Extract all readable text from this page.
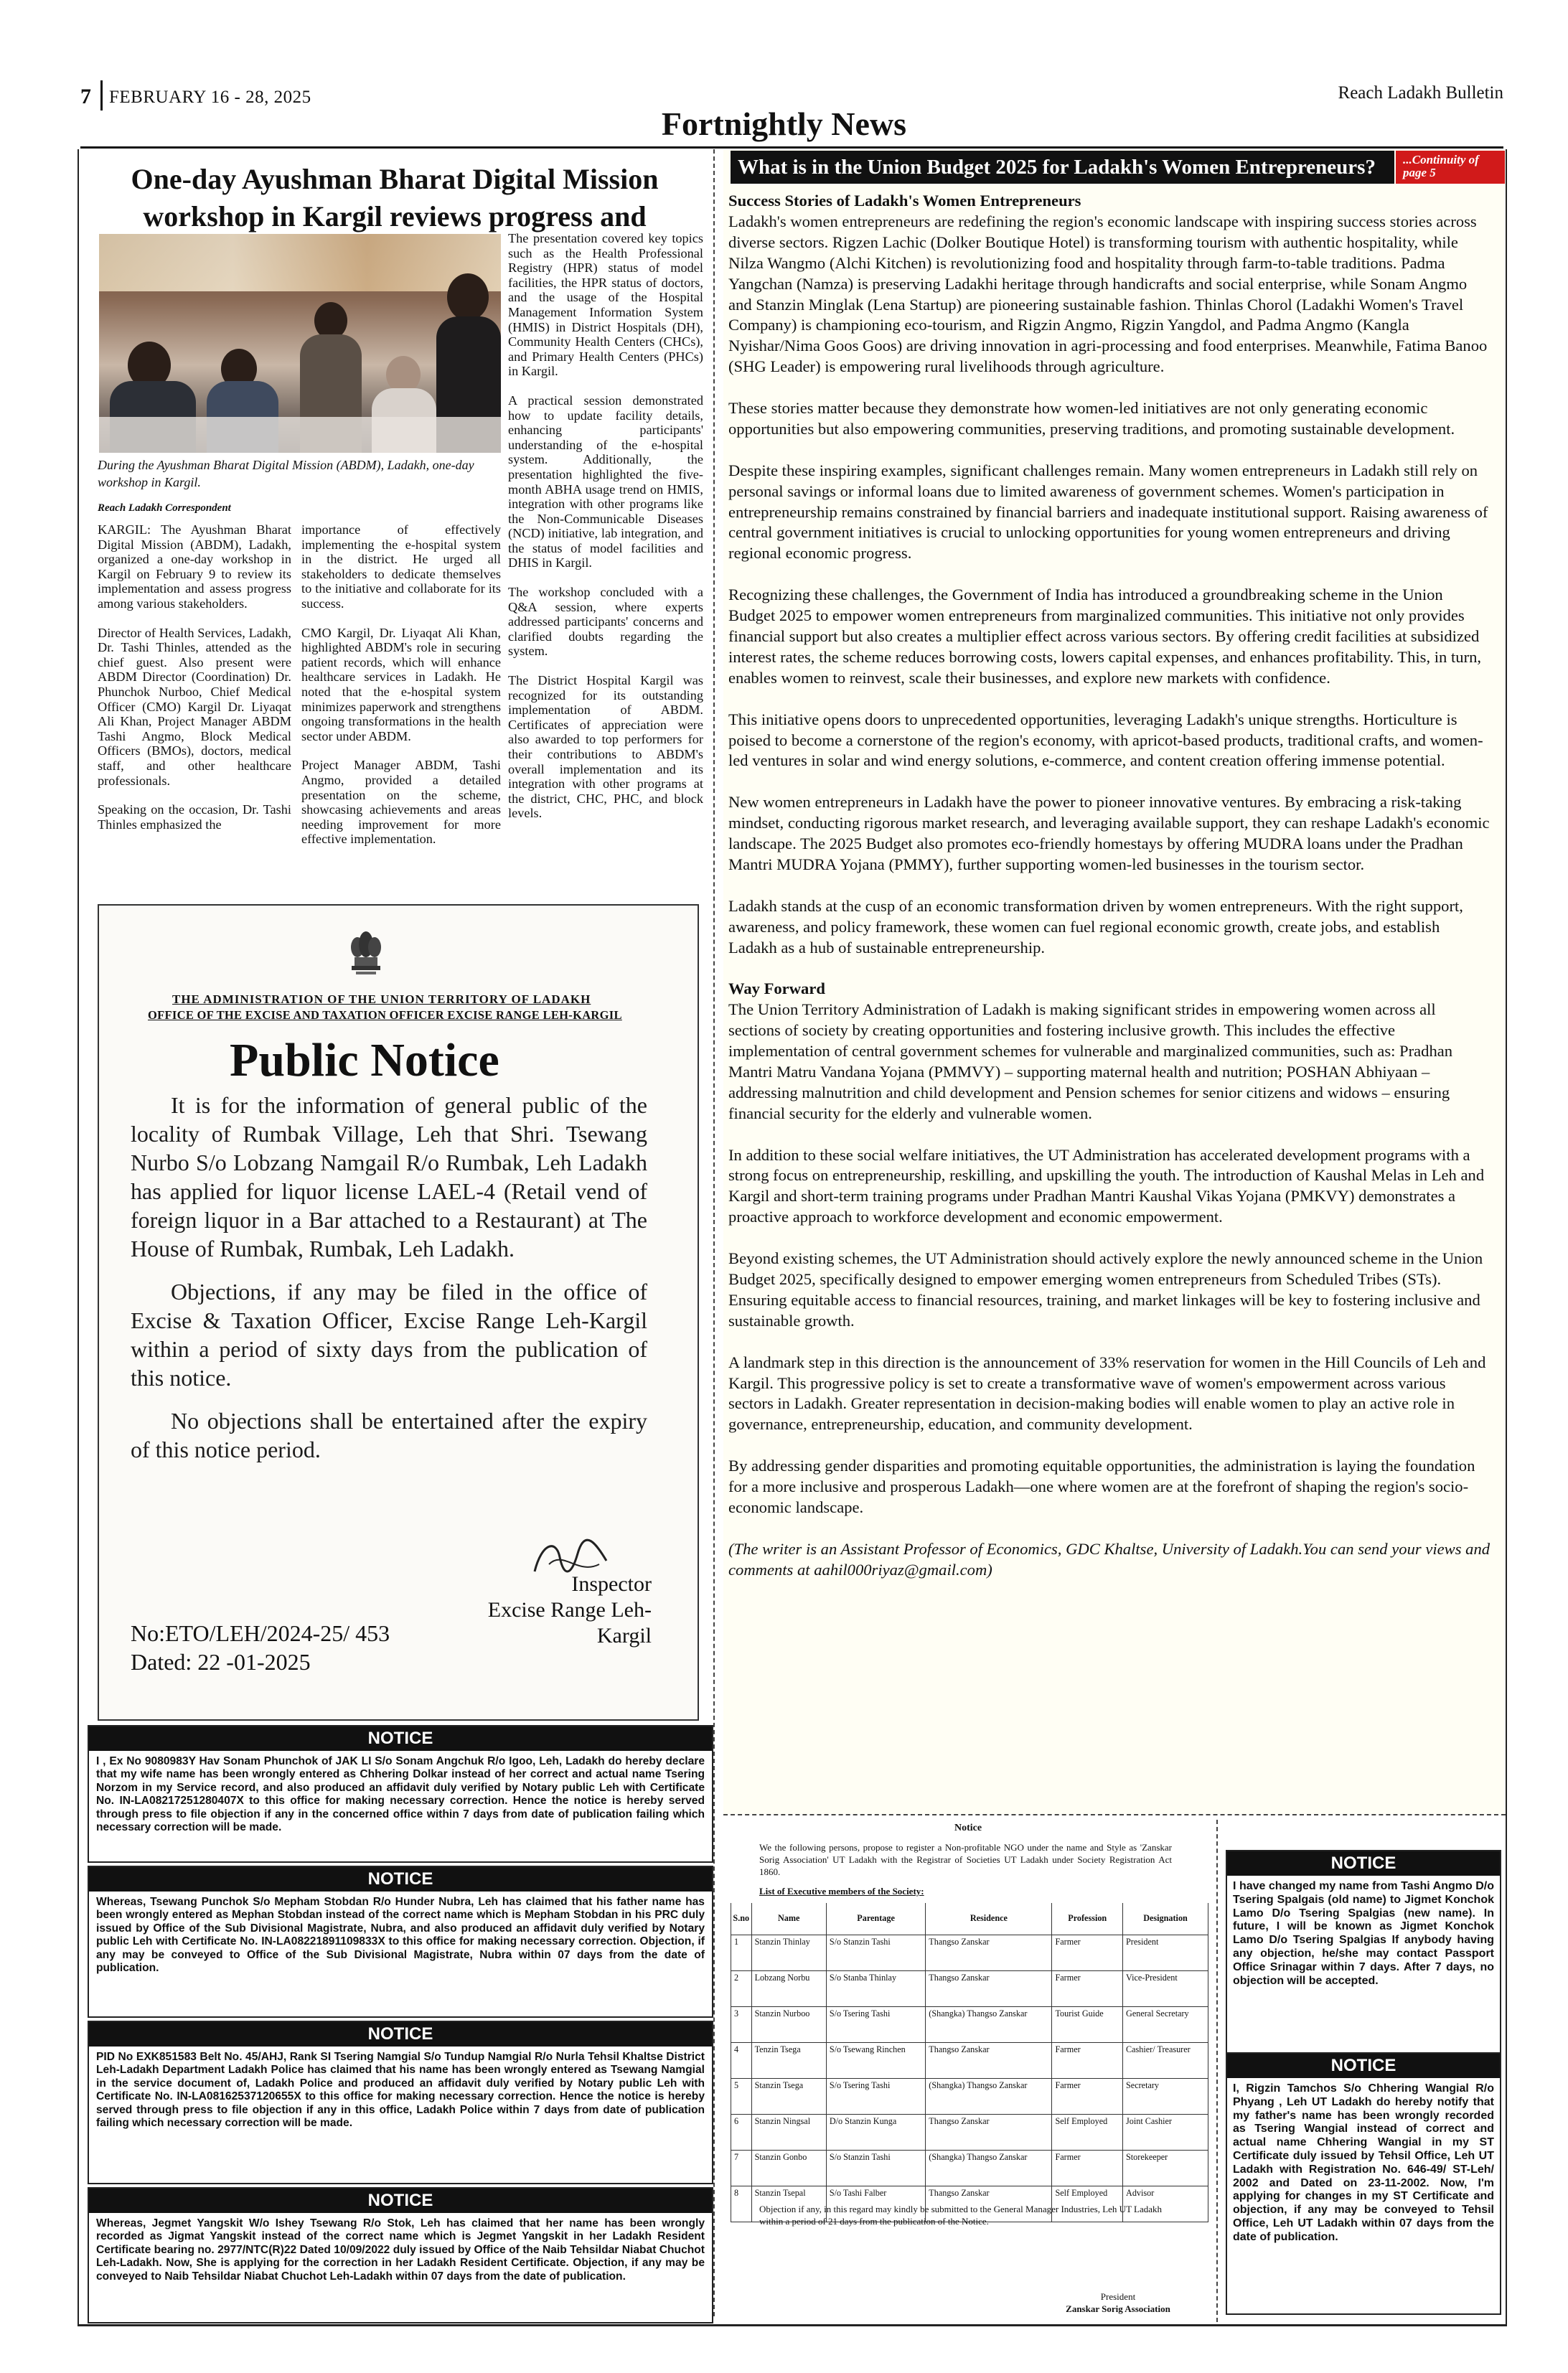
7 FEBRUARY 16 - 28, 2025	Reach Ladakh Bulletin
Fortnightly News
One-day Ayushman Bharat Digital Mission workshop in Kargil reviews progress and
During the Ayushman Bharat Digital Mission (ABDM), Ladakh, one-day workshop in Kargil.
Reach Ladakh Correspondent

KARGIL: The Ayushman Bharat Digital Mission (ABDM), Ladakh, organized a one-day workshop in Kargil on February 9 to review its implementation and assess progress among various stakeholders.

Director of Health Services, Ladakh, Dr. Tashi Thinles, attended as the chief guest. Also present were ABDM Director (Coordination) Dr. Phunchok Nurboo, Chief Medical Officer (CMO) Kargil Dr. Liyaqat Ali Khan, Project Manager ABDM Tashi Angmo, Block Medical Officers (BMOs), doctors, medical staff, and other healthcare professionals.

Speaking on the occasion, Dr. Tashi Thinles emphasized the

importance of effectively implementing the e-hospital system in the district. He urged all stakeholders to dedicate themselves to the initiative and collaborate for its success.

CMO Kargil, Dr. Liyaqat Ali Khan, highlighted ABDM's role in securing patient records, which will enhance healthcare services in Ladakh. He noted that the e-hospital system minimizes paperwork and strengthens ongoing transformations in the health sector under ABDM.

Project Manager ABDM, Tashi Angmo, provided a detailed presentation on the scheme, showcasing achievements and areas needing improvement for more effective implementation.

The presentation covered key topics such as the Health Professional Registry (HPR) status of model facilities, the HPR status of doctors, and the usage of the Hospital Management Information System (HMIS) in District Hospitals (DH), Community Health Centers (CHCs), and Primary Health Centers (PHCs) in Kargil.

A practical session demonstrated how to update facility details, enhancing participants' understanding of the e-hospital system. Additionally, the presentation highlighted the five-month ABHA usage trend on HMIS, integration with other programs like the Non-Communicable Diseases (NCD) initiative, lab integration, and the status of model facilities and DHIS in Kargil.

The workshop concluded with a Q&A session, where experts addressed participants' concerns and clarified doubts regarding the system.

The District Hospital Kargil was recognized for its outstanding implementation of ABDM. Certificates of appreciation were also awarded to top performers for their contributions to ABDM's overall implementation and its integration with other programs at the district, CHC, PHC, and block levels.

THE ADMINISTRATION OF THE UNION TERRITORY OF LADAKH
OFFICE OF THE EXCISE AND TAXATION OFFICER EXCISE RANGE LEH-KARGIL
Public Notice

It is for the information of general public of the locality of Rumbak Village, Leh that Shri. Tsewang Nurbo S/o Lobzang Namgail R/o Rumbak, Leh Ladakh has applied for liquor license LAEL-4 (Retail vend of foreign liquor in a Bar attached to a Restaurant) at The House of Rumbak, Rumbak, Leh Ladakh.

Objections, if any may be filed in the office of Excise & Taxation Officer, Excise Range Leh-Kargil within a period of sixty days from the publication of this notice.

No objections shall be entertained after the expiry of this notice period.

Inspector
Excise Range Leh-Kargil
No:ETO/LEH/2024-25/ 453
Dated: 22 -01-2025
NOTICE
I , Ex No 9080983Y Hav Sonam Phunchok of JAK LI S/o Sonam Angchuk R/o Igoo, Leh, Ladakh do hereby declare that my wife name has been wrongly entered as Chhering Dolkar instead of her correct and actual name Tsering Norzom in my Service record, and also produced an affidavit duly verified by Notary public Leh with Certificate No. IN-LA08217251280407X to this office for making necessary correction. Hence the notice is hereby served through press to file objection if any in the concerned office within 7 days from date of publication failing which necessary correction will be made.
NOTICE
Whereas, Tsewang Punchok S/o Mepham Stobdan R/o Hunder Nubra, Leh has claimed that his father name has been wrongly entered as Mephan Stobdan instead of the correct name which is Mepham Stobdan in his PRC duly issued by Office of the Sub Divisional Magistrate, Nubra, and also produced an affidavit duly verified by Notary public Leh with Certificate No. IN-LA08221891109833X to this office for making necessary correction. Objection, if any may be conveyed to Office of the Sub Divisional Magistrate, Nubra within 07 days from the date of publication.
NOTICE
PID No EXK851583 Belt No. 45/AHJ, Rank SI Tsering Namgial S/o Tundup Namgial R/o Nurla Tehsil Khaltse District Leh-Ladakh Department Ladakh Police has claimed that his name has been wrongly entered as Tsewang Namgial in the service document of, Ladakh Police and produced an affidavit duly verified by Notary public Leh with Certificate No. IN-LA08162537120655X to this office for making necessary correction. Hence the notice is hereby served through press to file objection if any in this office, Ladakh Police within 7 days from date of publication failing which necessary correction will be made.
NOTICE
Whereas, Jegmet Yangskit W/o Ishey Tsewang R/o Stok, Leh has claimed that her name has been wrongly recorded as Jigmat Yangskit instead of the correct name which is Jegmet Yangskit in her Ladakh Resident Certificate bearing no. 2977/NTC(R)22 Dated 10/09/2022 duly issued by Office of the Naib Tehsildar Niabat Chuchot Leh-Ladakh. Now, She is applying for the correction in her Ladakh Resident Certificate. Objection, if any may be conveyed to Naib Tehsildar Niabat Chuchot Leh-Ladakh within 07 days from the date of publication.
What is in the Union Budget 2025 for Ladakh's Women Entrepreneurs?	...Continuity of page 5

Success Stories of Ladakh's Women Entrepreneurs

Ladakh's women entrepreneurs are redefining the region's economic landscape with inspiring success stories across diverse sectors. Rigzen Lachic (Dolker Boutique Hotel) is transforming tourism with authentic hospitality, while Nilza Wangmo (Alchi Kitchen) is revolutionizing food and hospitality through farm-to-table traditions. Padma Yangchan (Namza) is preserving Ladakhi heritage through handicrafts and social enterprise, while Sonam Angmo and Stanzin Minglak (Lena Startup) are pioneering sustainable fashion. Thinlas Chorol (Ladakhi Women's Travel Company) is championing eco-tourism, and Rigzin Angmo, Rigzin Yangdol, and Padma Angmo (Kangla Nyishar/Nima Goos Goos) are driving innovation in agri-processing and food enterprises. Meanwhile, Fatima Banoo (SHG Leader) is empowering rural livelihoods through agriculture.

These stories matter because they demonstrate how women-led initiatives are not only generating economic opportunities but also empowering communities, preserving traditions, and promoting sustainable development.

Despite these inspiring examples, significant challenges remain. Many women entrepreneurs in Ladakh still rely on personal savings or informal loans due to limited awareness of government schemes. Women's participation in entrepreneurship remains constrained by financial barriers and inadequate institutional support. Raising awareness of central government initiatives is crucial to unlocking opportunities for young women entrepreneurs and driving regional economic progress.

Recognizing these challenges, the Government of India has introduced a groundbreaking scheme in the Union Budget 2025 to empower women entrepreneurs from marginalized communities. This initiative not only provides financial support but also creates a multiplier effect across various sectors. By offering credit facilities at subsidized interest rates, the scheme reduces borrowing costs, lowers capital expenses, and enhances profitability. This, in turn, enables women to reinvest, scale their businesses, and explore new markets with confidence.

This initiative opens doors to unprecedented opportunities, leveraging Ladakh's unique strengths. Horticulture is poised to become a cornerstone of the region's economy, with apricot-based products, traditional crafts, and women-led ventures in solar and wind energy solutions, e-commerce, and content creation offering immense potential.

New women entrepreneurs in Ladakh have the power to pioneer innovative ventures. By embracing a risk-taking mindset, conducting rigorous market research, and leveraging available support, they can reshape Ladakh's economic landscape. The 2025 Budget also promotes eco-friendly homestays by offering MUDRA loans under the Pradhan Mantri MUDRA Yojana (PMMY), further supporting women-led businesses in the tourism sector.

Ladakh stands at the cusp of an economic transformation driven by women entrepreneurs. With the right support, awareness, and policy framework, these women can fuel regional economic growth, create jobs, and establish Ladakh as a hub of sustainable entrepreneurship.

Way Forward

The Union Territory Administration of Ladakh is making significant strides in empowering women across all sections of society by creating opportunities and fostering inclusive growth. This includes the effective implementation of central government schemes for vulnerable and marginalized communities, such as: Pradhan Mantri Matru Vandana Yojana (PMMVY) – supporting maternal health and nutrition; POSHAN Abhiyaan – addressing malnutrition and child development and Pension schemes for senior citizens and widows – ensuring financial security for the elderly and vulnerable women.

In addition to these social welfare initiatives, the UT Administration has accelerated development programs with a strong focus on entrepreneurship, reskilling, and upskilling the youth. The introduction of Kaushal Melas in Leh and Kargil and short-term training programs under Pradhan Mantri Kaushal Vikas Yojana (PMKVY) demonstrates a proactive approach to workforce development and economic empowerment.

Beyond existing schemes, the UT Administration should actively explore the newly announced scheme in the Union Budget 2025, specifically designed to empower emerging women entrepreneurs from Scheduled Tribes (STs). Ensuring equitable access to financial resources, training, and market linkages will be key to fostering inclusive and sustainable growth.

A landmark step in this direction is the announcement of 33% reservation for women in the Hill Councils of Leh and Kargil. This progressive policy is set to create a transformative wave of women's empowerment across various sectors in Ladakh. Greater representation in decision-making bodies will enable women to play an active role in governance, entrepreneurship, education, and community development.

By addressing gender disparities and promoting equitable opportunities, the administration is laying the foundation for a more inclusive and prosperous Ladakh—one where women are at the forefront of shaping the region's socio-economic landscape.

(The writer is an Assistant Professor of Economics, GDC Khaltse, University of Ladakh.You can send your views and comments at aahil000riyaz@gmail.com)

Notice
We the following persons, propose to register a Non-profitable NGO under the name and Style as 'Zanskar Sorig Association' UT Ladakh with the Registrar of Societies UT Ladakh under Society Registration Act 1860.
List of Executive members of the Society:
S.no	Name	Parentage	Residence	Profession	Designation
1	Stanzin Thinlay	S/o Stanzin Tashi	Thangso Zanskar	Farmer	President
2	Lobzang Norbu	S/o Stanba Thinlay	Thangso Zanskar	Farmer	Vice-President
3	Stanzin Nurboo	S/o Tsering Tashi	(Shangka) Thangso Zanskar	Tourist Guide	General Secretary
4	Tenzin Tsega	S/o Tsewang Rinchen	Thangso Zanskar	Farmer	Cashier/ Treasurer
5	Stanzin Tsega	S/o Tsering Tashi	(Shangka) Thangso Zanskar	Farmer	Secretary
6	Stanzin Ningsal	D/o Stanzin Kunga	Thangso Zanskar	Self Employed	Joint Cashier
7	Stanzin Gonbo	S/o Stanzin Tashi	(Shangka) Thangso Zanskar	Farmer	Storekeeper
8	Stanzin Tsepal	S/o Tashi Falber	Thangso Zanskar	Self Employed	Advisor
Objection if any, in this regard may kindly be submitted to the General Manager Industries, Leh UT Ladakh within a period of 21 days from the publication of the Notice.
President
Zanskar Sorig Association
NOTICE
I have changed my name from Tashi Angmo D/o Tsering Spalgais (old name) to Jigmet Konchok Lamo D/o Tsering Spalgias (new name). In future, I will be known as Jigmet Konchok Lamo D/o Tsering Spalgias If anybody having any objection, he/she may contact Passport Office Srinagar within 7 days. After 7 days, no objection will be accepted.
NOTICE
I, Rigzin Tamchos S/o Chhering Wangial R/o Phyang , Leh UT Ladakh do hereby notify that my father's name has been wrongly recorded as Tsering Wangial instead of correct and actual name Chhering Wangial in my ST Certificate duly issued by Tehsil Office, Leh UT Ladakh with Registration No. 646-49/ ST-Leh/ 2002 and Dated on 23-11-2002. Now, I'm applying for changes in my ST Certificate and objection, if any may be conveyed to Tehsil Office, Leh UT Ladakh within 07 days from the date of publication.
